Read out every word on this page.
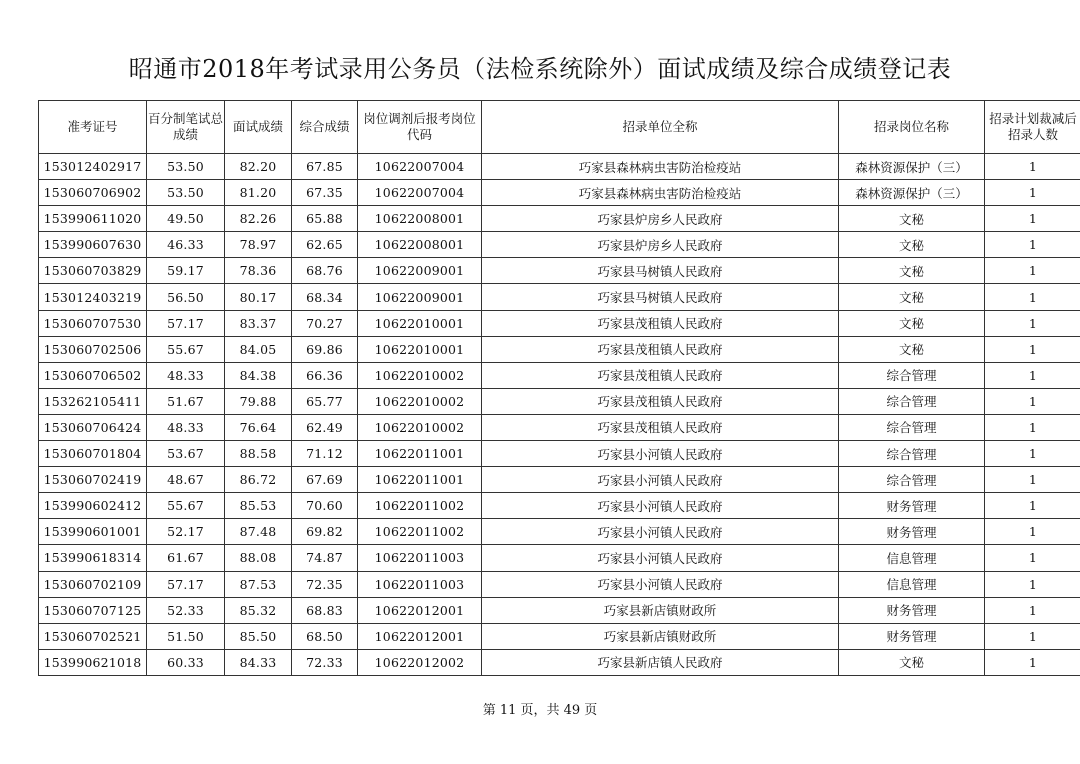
昭通市2018年考试录用公务员（法检系统除外）面试成绩及综合成绩登记表
准考证号	百分制笔试总成绩	面试成绩	综合成绩	岗位调剂后报考岗位代码	招录单位全称	招录岗位名称	招录计划裁减后招录人数
153012402917	53.50	82.20	67.85	10622007004	巧家县森林病虫害防治检疫站	森林资源保护（三）	1
153060706902	53.50	81.20	67.35	10622007004	巧家县森林病虫害防治检疫站	森林资源保护（三）	1
153990611020	49.50	82.26	65.88	10622008001	巧家县炉房乡人民政府	文秘	1
153990607630	46.33	78.97	62.65	10622008001	巧家县炉房乡人民政府	文秘	1
153060703829	59.17	78.36	68.76	10622009001	巧家县马树镇人民政府	文秘	1
153012403219	56.50	80.17	68.34	10622009001	巧家县马树镇人民政府	文秘	1
153060707530	57.17	83.37	70.27	10622010001	巧家县茂租镇人民政府	文秘	1
153060702506	55.67	84.05	69.86	10622010001	巧家县茂租镇人民政府	文秘	1
153060706502	48.33	84.38	66.36	10622010002	巧家县茂租镇人民政府	综合管理	1
153262105411	51.67	79.88	65.77	10622010002	巧家县茂租镇人民政府	综合管理	1
153060706424	48.33	76.64	62.49	10622010002	巧家县茂租镇人民政府	综合管理	1
153060701804	53.67	88.58	71.12	10622011001	巧家县小河镇人民政府	综合管理	1
153060702419	48.67	86.72	67.69	10622011001	巧家县小河镇人民政府	综合管理	1
153990602412	55.67	85.53	70.60	10622011002	巧家县小河镇人民政府	财务管理	1
153990601001	52.17	87.48	69.82	10622011002	巧家县小河镇人民政府	财务管理	1
153990618314	61.67	88.08	74.87	10622011003	巧家县小河镇人民政府	信息管理	1
153060702109	57.17	87.53	72.35	10622011003	巧家县小河镇人民政府	信息管理	1
153060707125	52.33	85.32	68.83	10622012001	巧家县新店镇财政所	财务管理	1
153060702521	51.50	85.50	68.50	10622012001	巧家县新店镇财政所	财务管理	1
153990621018	60.33	84.33	72.33	10622012002	巧家县新店镇人民政府	文秘	1
第 11 页，共 49 页
